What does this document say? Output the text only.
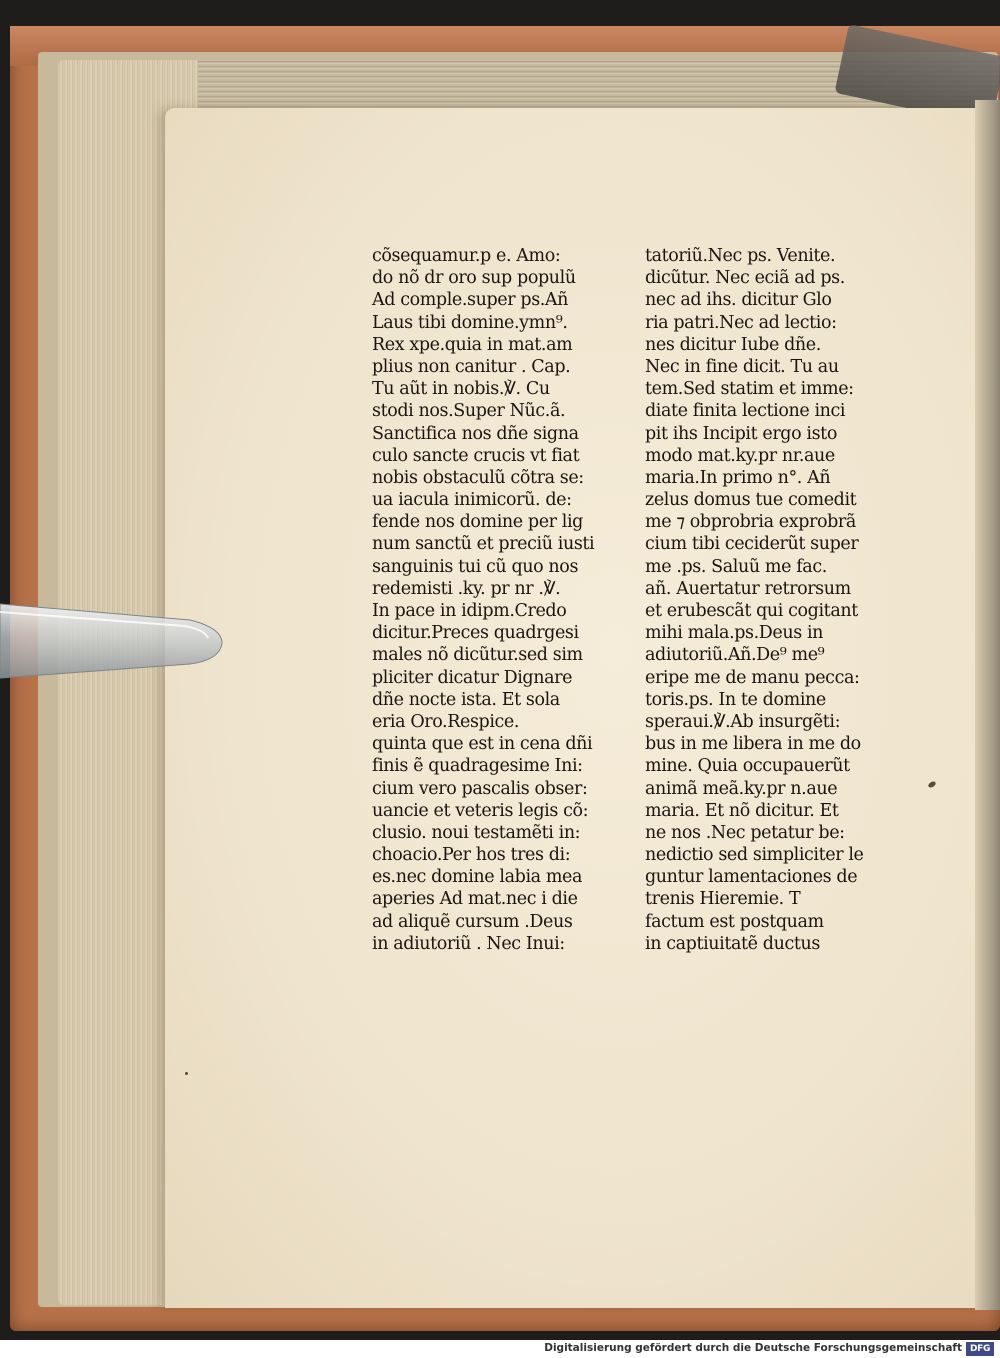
cõsequamur.p e. Amo:
do nõ dr oro sup populũ
Ad comple.super ps.Añ
Laus tibi domine.ymn⁹.
Rex xpe.quia in mat.am
plius non canitur . Cap.
Tu aũt in nobis.℣. Cu
stodi nos.Super Nũc.ã.
Sanctifica nos dñe signa
culo sancte crucis vt fiat
nobis obstaculũ cõtra se:
ua iacula inimicorũ. de:
fende nos domine per lig
num sanctũ et preciũ iusti
sanguinis tui cũ quo nos
redemisti .ky. pr nr .℣.
In pace in idipm.Credo
dicitur.Preces quadrgesi
males nõ dicũtur.sed sim
pliciter dicatur Dignare
dñe nocte ista. Et sola
eria Oro.Respice.
quinta que est in cena dñi
finis ẽ quadragesime Ini:
cium vero pascalis obser:
uancie et veteris legis cõ:
clusio. noui testamẽti in:
choacio.Per hos tres di:
es.nec domine labia mea
aperies Ad mat.nec i die
ad aliquẽ cursum .Deus
in adiutoriũ . Nec Inui:
tatoriũ.Nec ps. Venite.
dicũtur. Nec eciã ad ps.
nec ad ihs. dicitur Glo
ria patri.Nec ad lectio:
nes dicitur Iube dñe.
Nec in fine dicit. Tu au
tem.Sed statim et imme:
diate finita lectione inci
pit ihs Incipit ergo isto
modo mat.ky.pr nr.aue
maria.In primo n°. Añ
zelus domus tue comedit
me ⁊ obprobria exprobrã
cium tibi ceciderũt super
me .ps. Saluũ me fac.
añ. Auertatur retrorsum
et erubescãt qui cogitant
mihi mala.ps.Deus in
adiutoriũ.Añ.De⁹ me⁹
eripe me de manu pecca:
toris.ps. In te domine
speraui.℣.Ab insurgẽti:
bus in me libera in me do
mine. Quia occupauerũt
animã meã.ky.pr n.aue
maria. Et nõ dicitur. Et
ne nos .Nec petatur be:
nedictio sed simpliciter le
guntur lamentaciones de
trenis Hieremie. T
factum est postquam
in captiuitatẽ ductus
Digitalisierung gefördert durch die Deutsche Forschungsgemeinschaft DFG
